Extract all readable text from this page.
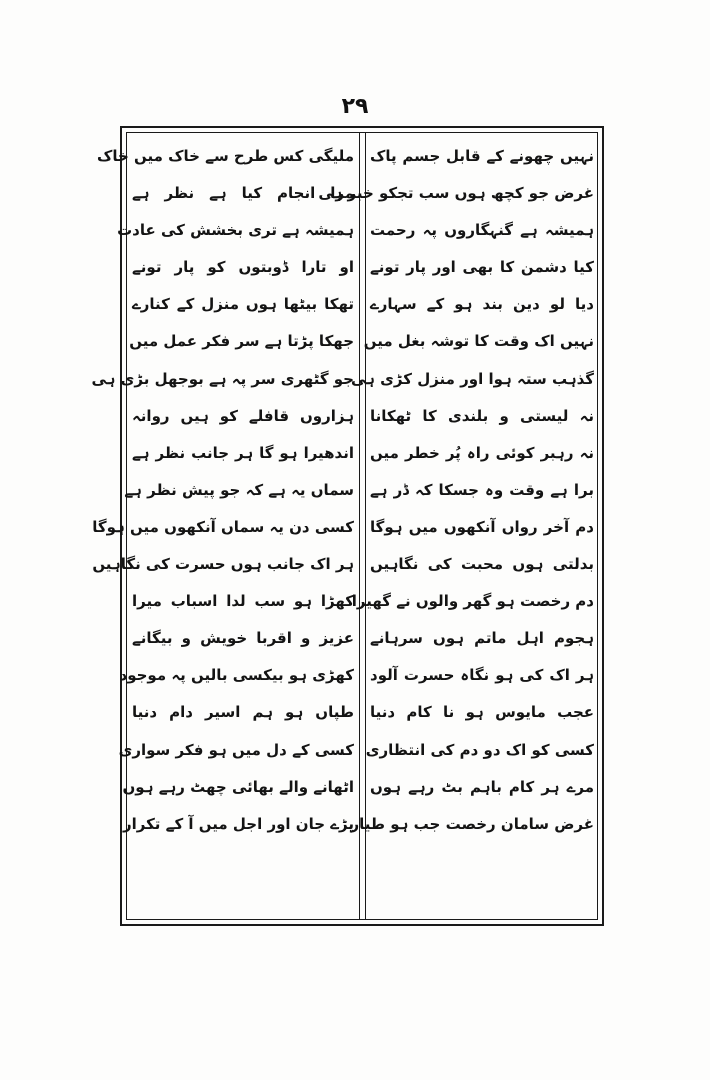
۲۹
نہیں چھونے کے قابل جسم پاک
غرض جو کچھ ہوں سب تجکو خبر ہی
ہمیشہ ہے گنہگاروں پہ رحمت
کیا دشمن کا بھی اور پار تونے
دیا لو دین بند ہو کے سہارے
نہیں اک وقت کا توشہ بغل میں
گذہب ستہ ہوا اور منزل کڑی ہی
نہ لیستی و بلندی کا ٹھکانا
نہ رہبر کوئی راہ پُر خطر میں
برا ہے وقت وہ جسکا کہ ڈر ہے
دم آخر رواں آنکھوں میں ہوگا
بدلتی ہوں محبت کی نگاہیں
دم رخصت ہو گھر والوں نے گھیرا
ہجوم اہل ماتم ہوں سرہانے
ہر اک کی ہو نگاہ حسرت آلود
عجب مایوس ہو نا کام دنیا
کسی کو اک دو دم کی انتظاری
مرے ہر کام باہم بٹ رہے ہوں
غرض سامان رخصت جب ہو طیار
ملیگی کس طرح سے خاک میں خاک
مرا انجام کیا ہے نظر ہے
ہمیشہ ہے تری بخشش کی عادت
او تارا ڈوبتوں کو پار تونے
تھکا بیٹھا ہوں منزل کے کنارے
جھکا پڑتا ہے سر فکر عمل میں
جو گٹھری سر پہ ہے بوجھل بڑی ہی
ہزاروں قافلے کو ہیں روانہ
اندھیرا ہو گا ہر جانب نظر ہے
سماں یہ ہے کہ جو پیش نظر ہے
کسی دن یہ سماں آنکھوں میں ہوگا
ہر اک جانب ہوں حسرت کی نگاہیں
کھڑا ہو سب لدا اسباب میرا
عزیز و اقربا خویش و بیگانے
کھڑی ہو بیکسی بالیں پہ موجود
طپاں ہو ہم اسیر دام دنیا
کسی کے دل میں ہو فکر سواری
اٹھانے والے بھائی چھٹ رہے ہوں
پڑے جان اور اجل میں آ کے تکرار
